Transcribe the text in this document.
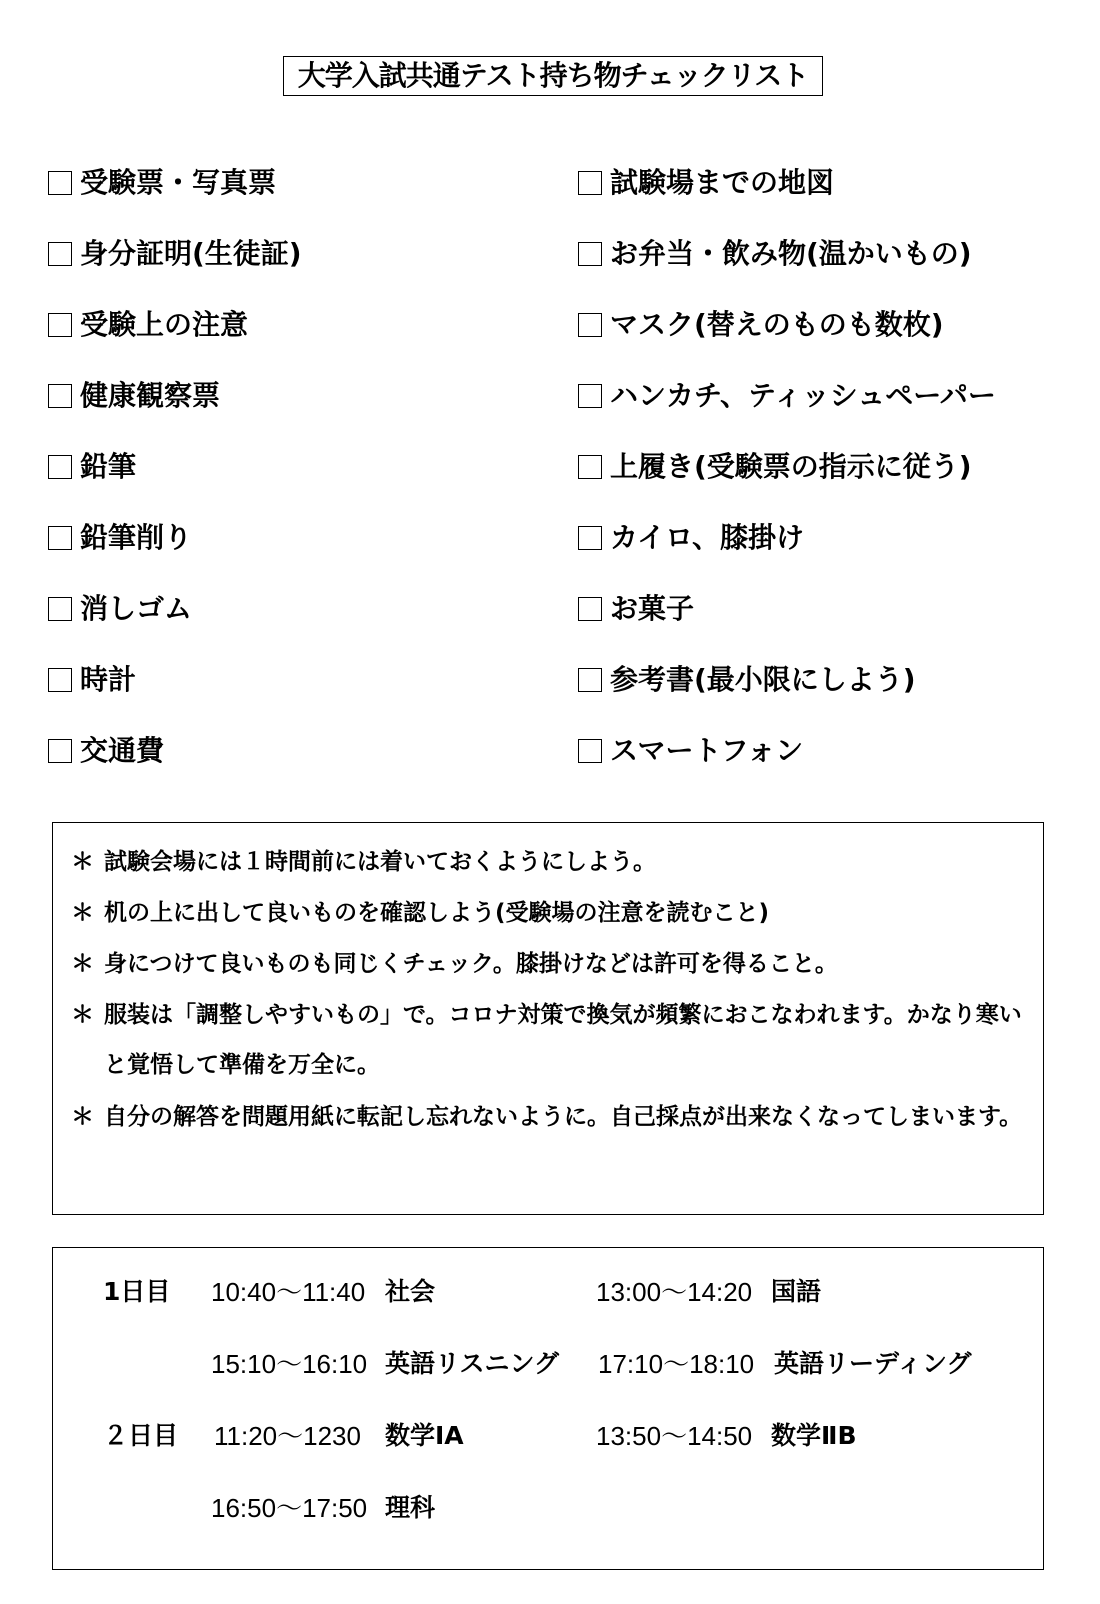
大学入試共通テスト持ち物チェックリスト
受験票・写真票
身分証明(生徒証)
受験上の注意
健康観察票
鉛筆
鉛筆削り
消しゴム
時計
交通費
試験場までの地図
お弁当・飲み物(温かいもの)
マスク(替えのものも数枚)
ハンカチ、ティッシュペーパー
上履き(受験票の指示に従う)
カイロ、膝掛け
お菓子
参考書(最小限にしよう)
スマートフォン
＊ 試験会場には１時間前には着いておくようにしよう。
＊ 机の上に出して良いものを確認しよう(受験場の注意を読むこと)
＊ 身につけて良いものも同じくチェック。膝掛けなどは許可を得ること。
＊ 服装は「調整しやすいもの」で。コロナ対策で換気が頻繁におこなわれます。かなり寒いと覚悟して準備を万全に。
＊ 自分の解答を問題用紙に転記し忘れないように。自己採点が出来なくなってしまいます。
1日目 10:40～11:40 社会	13:00～14:20 国語
15:10～16:10 英語リスニング 17:10～18:10 英語リーディング
２日目 11:20～1230 数学ⅠA	13:50～14:50 数学ⅡB
16:50～17:50 理科
